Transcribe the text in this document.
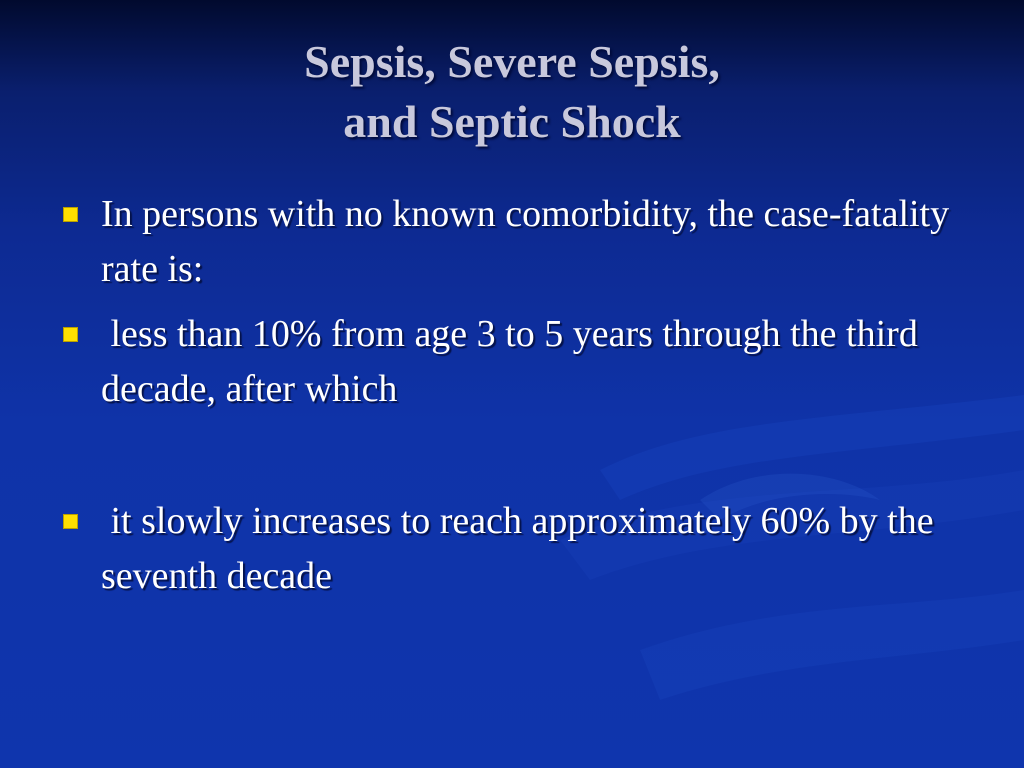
Sepsis, Severe Sepsis,
and Septic Shock
In persons with no known comorbidity, the case-fatality rate is:
less than 10% from age 3 to 5 years through the third decade, after which
it slowly increases to reach approximately 60% by the seventh decade
